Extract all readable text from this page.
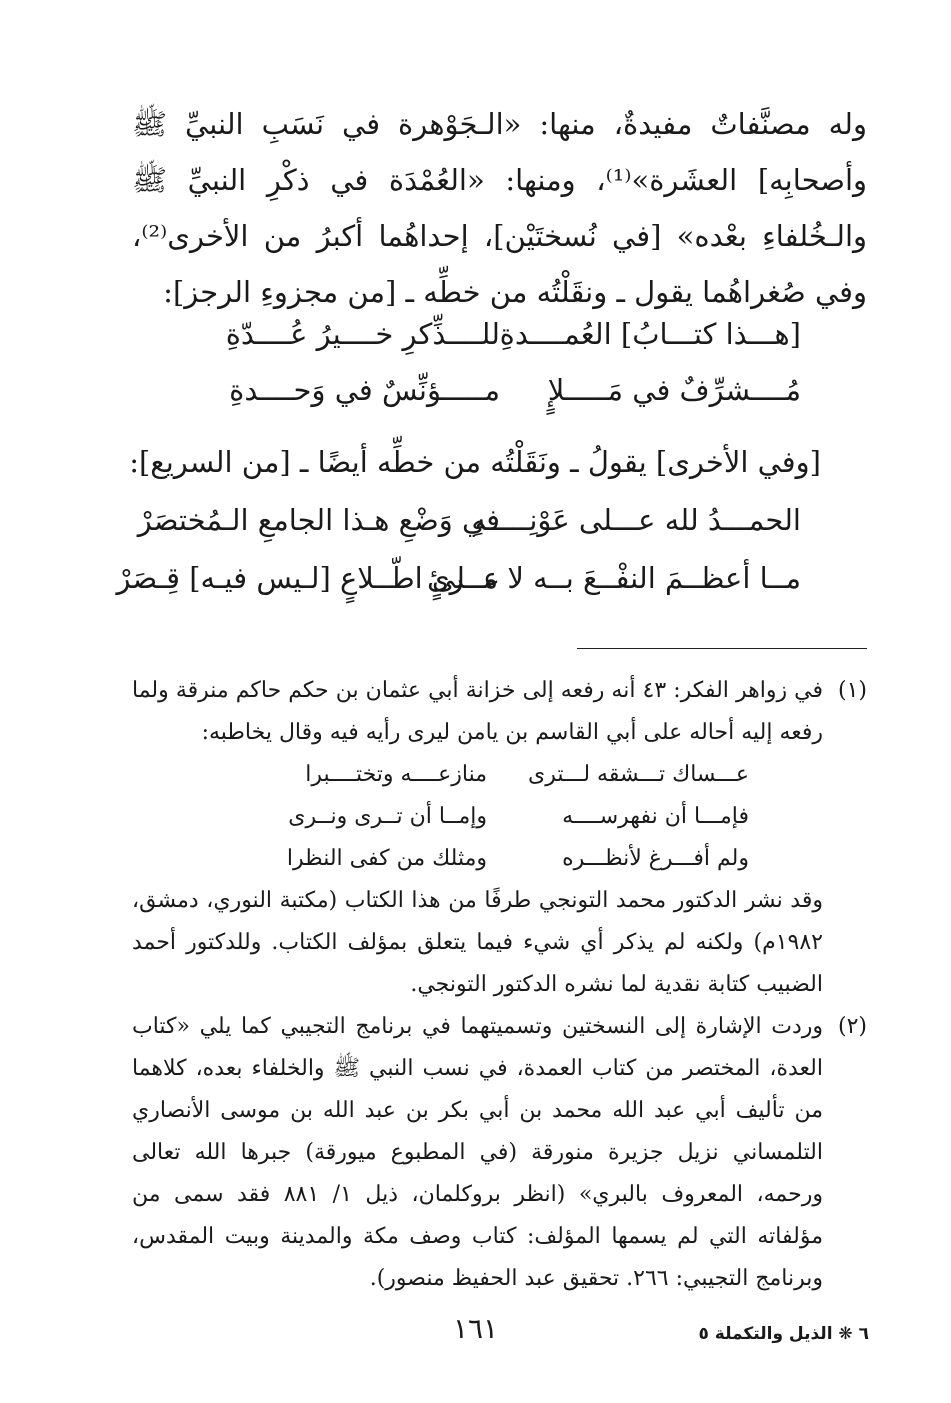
وله مصنَّفاتٌ مفيدةٌ، منها: «الـجَوْهرة في نَسَبِ النبيِّ ﷺ وأصحابِه] العشَرة»⁽¹⁾، ومنها: «العُمْدَة في ذكْرِ النبيِّ ﷺ والـخُلفاءِ بعْده» [في نُسختَيْن]، إحداهُما أكبرُ من الأخرى⁽²⁾، وفي صُغراهُما يقول ـ ونقَلْتُه من خطِّه ـ [من مجزوءِ الرجز]:

[هـــذا كتـــابُ] العُمــــدةِ
للــــذِّكرِ خــــيرُ عُــــدّةِ
مُــــشرِّفٌ في مَـــــلإٍ
مـــــؤنِّسٌ في وَحــــدةِ
[وفي الأخرى] يقولُ ـ ونَقَلْتُه من خطِّه أيضًا ـ [من السريع]:
الحمـــدُ لله عـــلى عَوْنِـــــهِ
في وَضْعِ هـذا الجامعِ الـمُختصَرْ
مــا أعظــمَ النفْــعَ بــه لا مــرئٍ
عــلى اطّــلاعٍ [لـيس فيـه] قِـصَرْ
(١)

في زواهر الفكر: ٤٣ أنه رفعه إلى خزانة أبي عثمان بن حكم حاكم منرقة ولما رفعه إليه أحاله على أبي القاسم بن يامن ليرى رأيه فيه وقال يخاطبه:

عـــساك تـــشقه لـــترى
منازعــــه وتختــــبرا
فإمـــا أن نفهرســــه
وإمــا أن تــرى ونــرى
ولم أفـــرغ لأنظـــره
ومثلك من كفى النظرا

وقد نشر الدكتور محمد التونجي طرفًا من هذا الكتاب (مكتبة النوري، دمشق، ١٩٨٢م) ولكنه لم يذكر أي شيء فيما يتعلق بمؤلف الكتاب. وللدكتور أحمد الضبيب كتابة نقدية لما نشره الدكتور التونجي.

(٢)

وردت الإشارة إلى النسختين وتسميتهما في برنامج التجيبي كما يلي «كتاب العدة، المختصر من كتاب العمدة، في نسب النبي ﷺ والخلفاء بعده، كلاهما من تأليف أبي عبد الله محمد بن أبي بكر بن عبد الله بن موسى الأنصاري التلمساني نزيل جزيرة منورقة (في المطبوع ميورقة) جبرها الله تعالى ورحمه، المعروف بالبري» (انظر بروكلمان، ذيل ١/ ٨٨١ فقد سمى من مؤلفاته التي لم يسمها المؤلف: كتاب وصف مكة والمدينة وبيت المقدس، وبرنامج التجيبي: ٢٦٦. تحقيق عبد الحفيظ منصور).

١٦١	٦ ❋ الذيل والتكملة ٥
